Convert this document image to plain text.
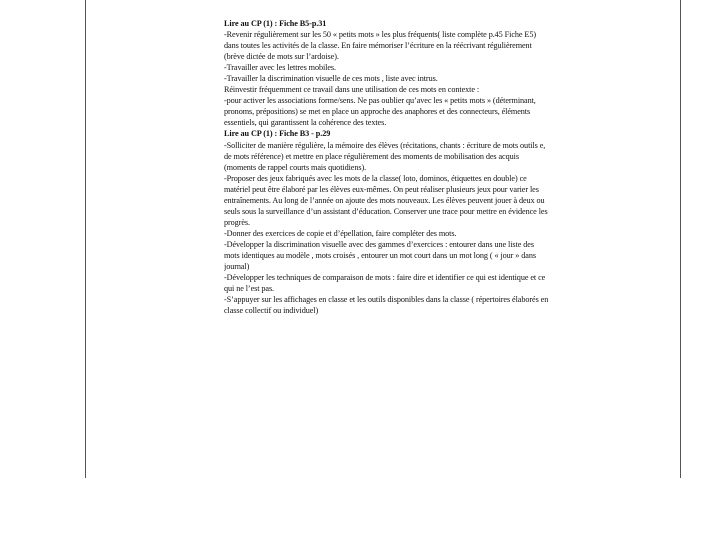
Lire au CP (1) : Fiche B5-p.31
-Revenir régulièrement sur les 50 « petits mots » les plus fréquents( liste complète p.45 Fiche E5)
dans toutes les activités de la classe. En faire mémoriser l’écriture en la réécrivant régulièrement
(brève dictée de mots sur l’ardoise).
-Travailler avec les lettres mobiles.
-Travailler la discrimination visuelle de ces mots , liste avec intrus.
Réinvestir fréquemment ce travail dans une utilisation de ces mots en contexte :
-pour activer les associations forme/sens. Ne pas oublier qu’avec les « petits mots » (déterminant,
pronoms, prépositions) se met en place un approche des anaphores et des connecteurs, éléments
essentiels, qui garantissent la cohérence des textes.
Lire au CP (1) : Fiche B3 - p.29
-Solliciter de manière régulière, la mémoire des élèves (récitations, chants : écriture de mots outils e,
de mots référence) et mettre en place régulièrement des moments de mobilisation des acquis
(moments de rappel courts mais quotidiens).
-Proposer des jeux fabriqués avec les mots de la classe( loto, dominos, étiquettes en double) ce
matériel peut être élaboré par les élèves eux-mêmes. On peut réaliser plusieurs jeux pour varier les
entraînements. Au long de l’année on ajoute des mots nouveaux. Les élèves peuvent jouer à deux ou
seuls sous la surveillance d’un assistant d’éducation. Conserver une trace pour mettre en évidence les
progrès.
-Donner des exercices de copie et d’épellation, faire compléter des mots.
-Développer la discrimination visuelle avec des gammes d’exercices : entourer dans une liste des
mots identiques au modèle , mots croisés , entourer un mot court dans un mot long ( « jour » dans
journal)
-Développer les techniques de comparaison de mots : faire dire et identifier ce qui est identique et ce
qui ne l’est pas.
-S’appuyer sur les affichages en classe et les outils disponibles dans la classe ( répertoires élaborés en
classe collectif ou individuel)
